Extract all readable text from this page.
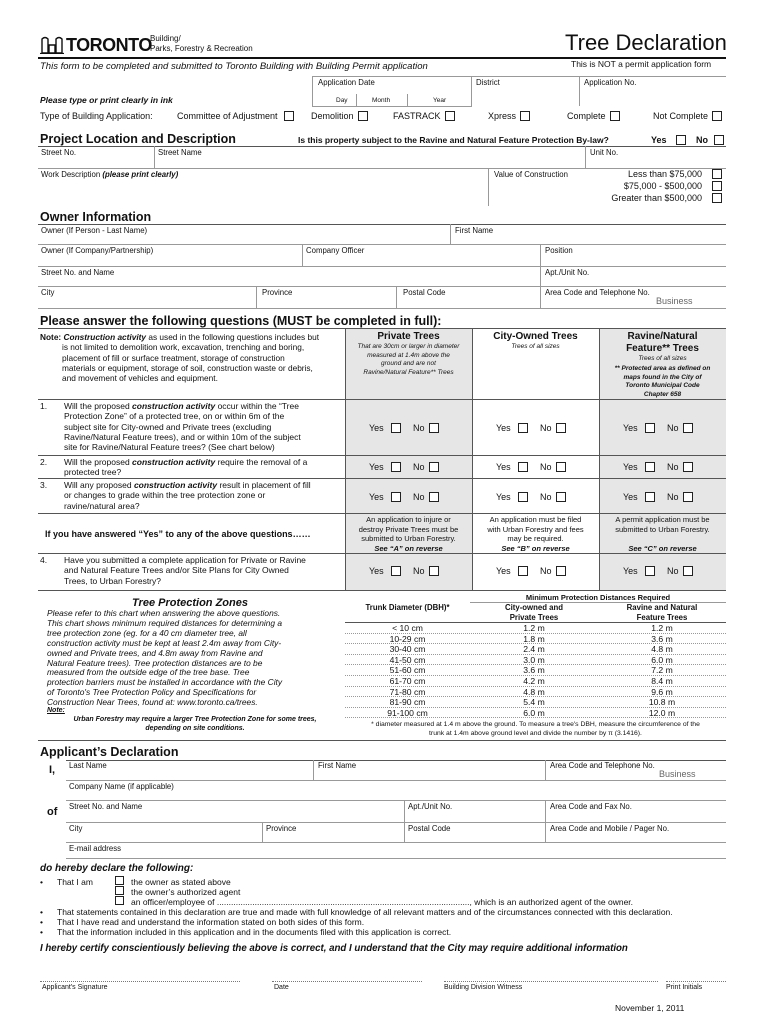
TORONTO
Building/
Parks, Forestry & Recreation	Tree Declaration
This form to be completed and submitted to Toronto Building with Building Permit application	This is NOT a permit application form
Application Date	District	Application No.
Day	Month	Year
Please type or print clearly in ink
Type of Building Application:	Committee of Adjustment	Demolition	FASTRACK	Xpress	Complete	Not Complete
Project Location and Description	Is this property subject to the Ravine and Natural Feature Protection By-law?	Yes	No
Street No.	Street Name	Unit No.
Work Description (please print clearly)	Value of Construction	Less than $75,000
$75,000 - $500,000
Greater than $500,000
Owner Information
Owner (If Person - Last Name)	First Name
Owner (If Company/Partnership)	Company Officer	Position
Street No. and Name	Apt./Unit No.
City	Province	Postal Code	Area Code and Telephone No.
Business
Please answer the following questions (MUST be completed in full):
Note: Construction activity as used in the following questions includes but
is not limited to demolition work, excavation, trenching and boring,
placement of fill or surface treatment, storage of construction
materials or equipment, storage of soil, construction waste or debris,
and movement of vehicles and equipment.
Private Trees
That are 30cm or larger in diameter
measured at 1.4m above the
ground and are not
Ravine/Natural Feature** Trees
City-Owned Trees
Trees of all sizes
Ravine/Natural
Feature** Trees
Trees of all sizes
** Protected area as defined on
maps found in the City of
Toronto Municipal Code
Chapter 658
1. Will the proposed construction activity occur within the “Tree
Protection Zone” of a protected tree, on or within 6m of the
subject site for City-owned and Private trees (excluding
Ravine/Natural Feature trees), and or within 10m of the subject
site for Ravine/Natural Feature trees? (See chart below)
Yes	No	Yes	No	Yes	No
2. Will the proposed construction activity require the removal of a
protected tree?
Yes	No	Yes	No	Yes	No
3. Will any proposed construction activity result in placement of fill
or changes to grade within the tree protection zone or
ravine/natural area?
Yes	No	Yes	No	Yes	No
If you have answered “Yes” to any of the above questions……
An application to injure or
destroy Private Trees must be
submitted to Urban Forestry.
See “A” on reverse
An application must be filed
with Urban Forestry and fees
may be required.
See “B” on reverse
A permit application must be
submitted to Urban Forestry.
See “C” on reverse
4. Have you submitted a complete application for Private or Ravine
and Natural Feature Trees and/or Site Plans for City Owned
Trees, to Urban Forestry?
Yes	No	Yes	No	Yes	No
Tree Protection Zones
Please refer to this chart when answering the above questions.
This chart shows minimum required distances for determining a
tree protection zone (eg. for a 40 cm diameter tree, all
construction activity must be kept at least 2.4m away from City-
owned and Private trees, and 4.8m away from Ravine and
Natural Feature trees). Tree protection distances are to be
measured from the outside edge of the tree base. Tree
protection barriers must be installed in accordance with the City
of Toronto's Tree Protection Policy and Specifications for
Construction Near Trees, found at: www.toronto.ca/trees.
Note:
Urban Forestry may require a larger Tree Protection Zone for some trees,
depending on site conditions.
Minimum Protection Distances Required
Trunk Diameter (DBH)*	City-owned and
Private Trees
Ravine and Natural
Feature Trees
< 10 cm	1.2 m	1.2 m
10-29 cm	1.8 m	3.6 m
30-40 cm	2.4 m	4.8 m
41-50 cm	3.0 m	6.0 m
51-60 cm	3.6 m	7.2 m
61-70 cm	4.2 m	8.4 m
71-80 cm	4.8 m	9.6 m
81-90 cm	5.4 m	10.8 m
91-100 cm	6.0 m	12.0 m
* diameter measured at 1.4 m above the ground. To measure a tree's DBH, measure the circumference of the
trunk at 1.4m above ground level and divide the number by π (3.1416).
Applicant’s Declaration
I, Last Name	First Name	Area Code and Telephone No.
Business
Company Name (if applicable)
of Street No. and Name	Apt./Unit No.	Area Code and Fax No.
City	Province	Postal Code	Area Code and Mobile / Pager No.
E-mail address
do hereby declare the following:
• That I am	the owner as stated above
the owner’s authorized agent
an officer/employee of ..........................................................................................................., which is an authorized agent of the owner.
• That statements contained in this declaration are true and made with full knowledge of all relevant matters and of the circumstances connected with this declaration.
• That I have read and understand the information stated on both sides of this form.
• That the information included in this application and in the documents filed with this application is correct.
I hereby certify conscientiously believing the above is correct, and I understand that the City may require additional information
Applicant's Signature	Date	Building Division Witness	Print Initials
November 1, 2011
